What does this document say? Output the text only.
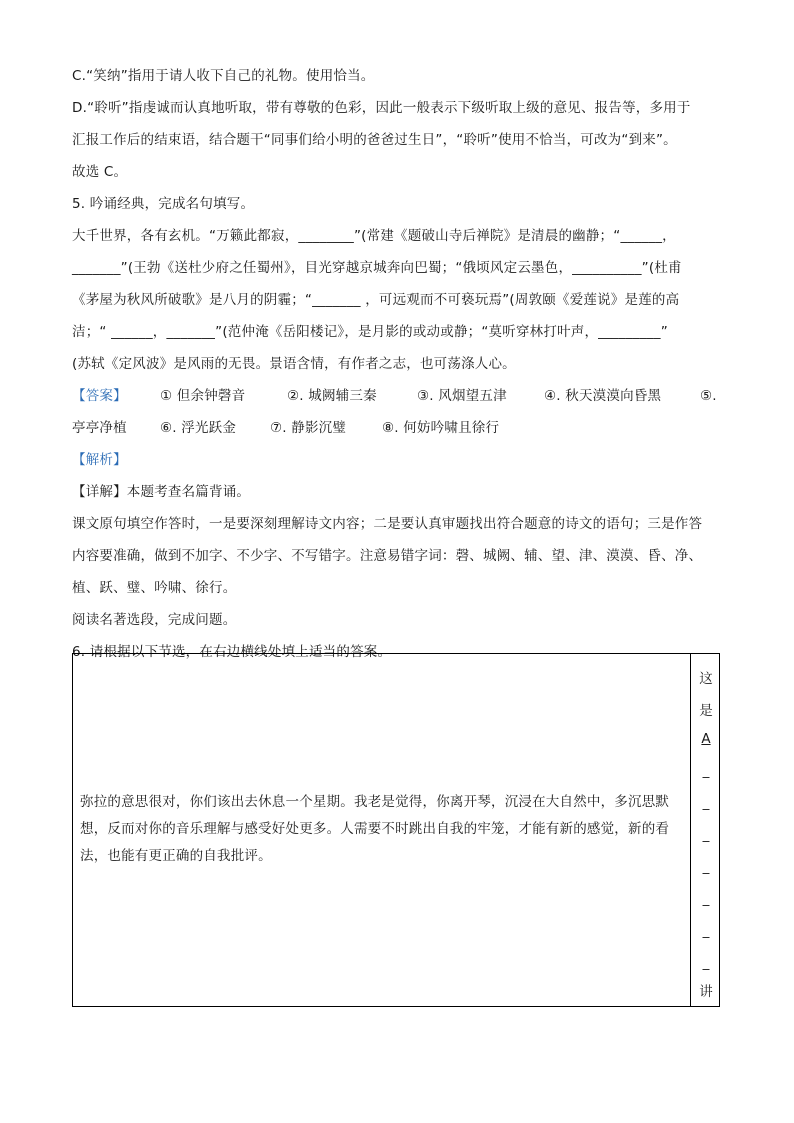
C.“笑纳”指用于请人收下自己的礼物。使用恰当。
D.“聆听”指虔诚而认真地听取，带有尊敬的色彩，因此一般表示下级听取上级的意见、报告等，多用于
汇报工作后的结束语，结合题干“同事们给小明的爸爸过生日”，“聆听”使用不恰当，可改为“到来”。
故选 C。
5. 吟诵经典，完成名句填写。
大千世界，各有玄机。“万籁此都寂，________”(常建《题破山寺后禅院》是清晨的幽静；“______，
_______”(王勃《送杜少府之任蜀州》，目光穿越京城奔向巴蜀；“俄顷风定云墨色，__________”(杜甫
《茅屋为秋风所破歌》是八月的阴霾；“_______ ，可远观而不可亵玩焉”(周敦颐《爱莲说》是莲的高
洁；“ ______，_______”(范仲淹《岳阳楼记》，是月影的或动或静；“莫听穿林打叶声，_________”
(苏轼《定风波》是风雨的无畏。景语含情，有作者之志，也可荡涤人心。
【答案】 ① 但余钟磬音	②. 城阙辅三秦	③. 风烟望五津	④. 秋天漠漠向昏黑	⑤.
亭亭净植 ⑥. 浮光跃金	⑦. 静影沉璧	⑧. 何妨吟啸且徐行
【解析】
【详解】本题考查名篇背诵。
课文原句填空作答时，一是要深刻理解诗文内容；二是要认真审题找出符合题意的诗文的语句；三是作答
内容要准确，做到不加字、不少字、不写错字。注意易错字词：磬、城阙、辅、望、津、漠漠、昏、净、
植、跃、璧、吟啸、徐行。
阅读名著选段，完成问题。
6. 请根据以下节选，在右边横线处填上适当的答案。
弥拉的意思很对，你们该出去休息一个星期。我老是觉得，你离开琴，沉浸在大自然中，多沉思默想，反而对你的音乐理解与感受好处更多。人需要不时跳出自我的牢笼，才能有新的感觉，新的看法，也能有更正确的自我批评。
这
是
A
_
_
_
_
_
_
_
讲
